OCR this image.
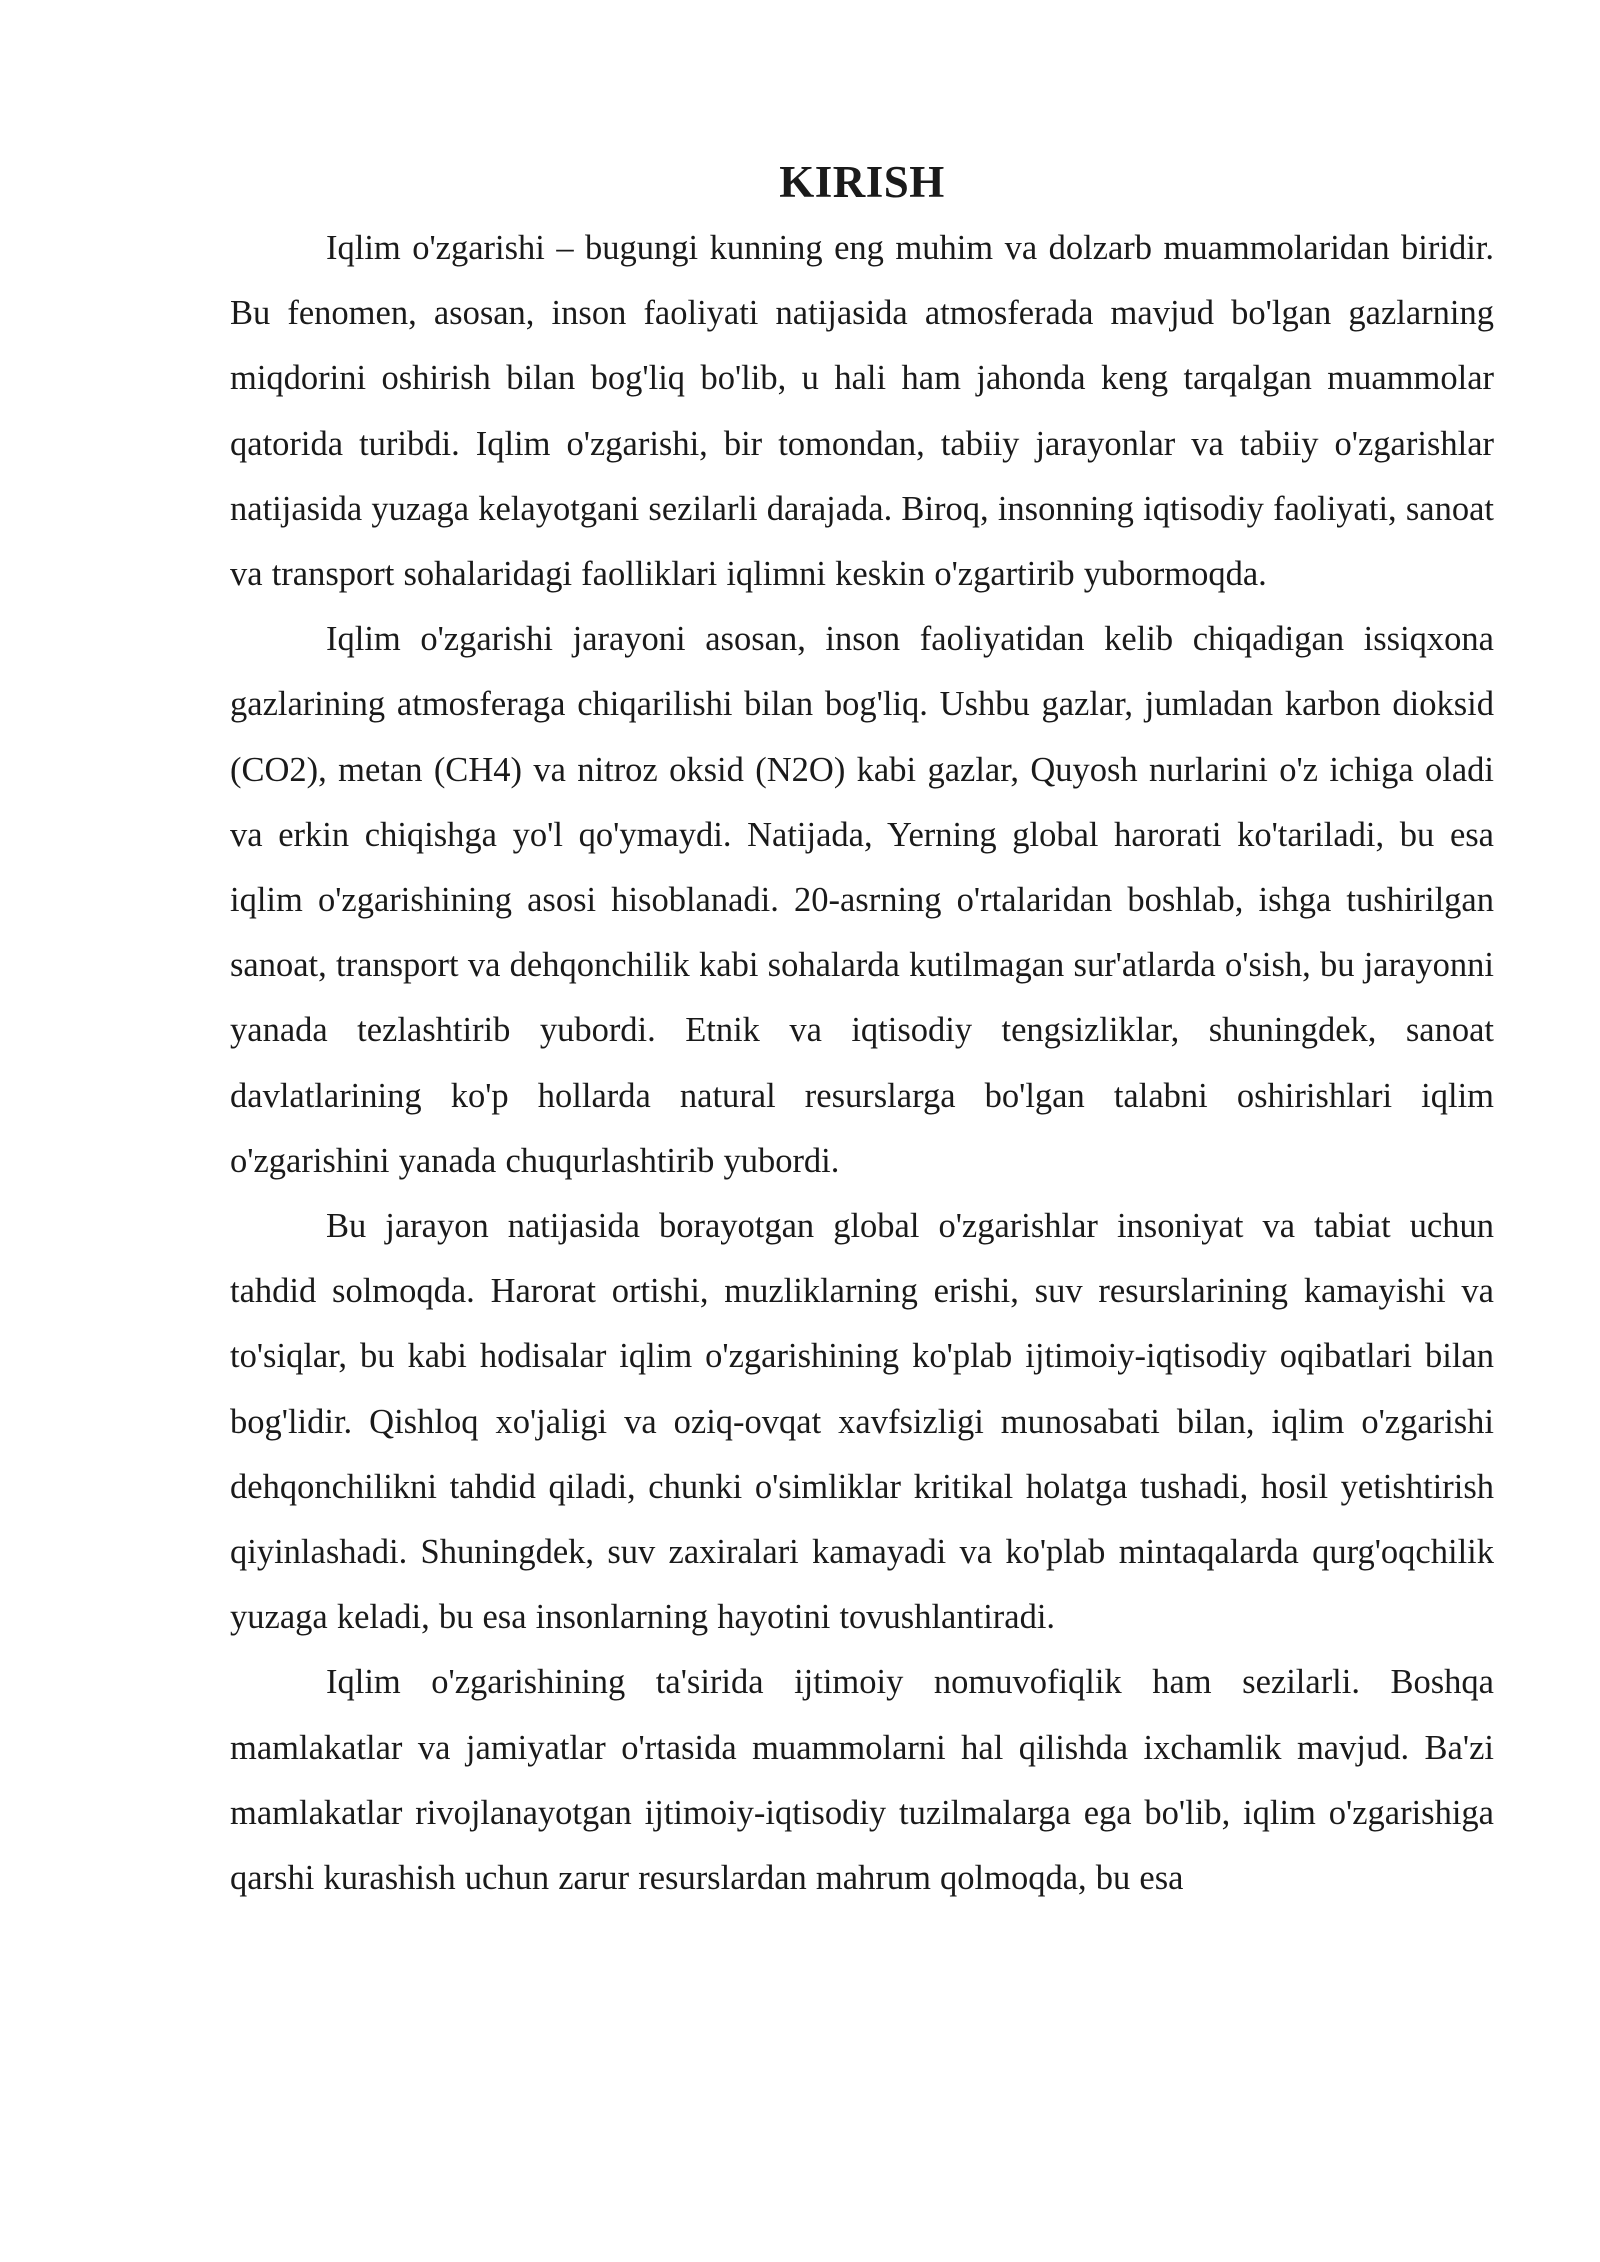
KIRISH

Iqlim o'zgarishi – bugungi kunning eng muhim va dolzarb muammolaridan biridir. Bu fenomen, asosan, inson faoliyati natijasida atmosferada mavjud bo'lgan gazlarning miqdorini oshirish bilan bog'liq bo'lib, u hali ham jahonda keng tarqalgan muammolar qatorida turibdi. Iqlim o'zgarishi, bir tomondan, tabiiy jarayonlar va tabiiy o'zgarishlar natijasida yuzaga kelayotgani sezilarli darajada. Biroq, insonning iqtisodiy faoliyati, sanoat va transport sohalaridagi faolliklari iqlimni keskin o'zgartirib yubormoqda.

Iqlim o'zgarishi jarayoni asosan, inson faoliyatidan kelib chiqadigan issiqxona gazlarining atmosferaga chiqarilishi bilan bog'liq. Ushbu gazlar, jumladan karbon dioksid (CO2), metan (CH4) va nitroz oksid (N2O) kabi gazlar, Quyosh nurlarini o'z ichiga oladi va erkin chiqishga yo'l qo'ymaydi. Natijada, Yerning global harorati ko'tariladi, bu esa iqlim o'zgarishining asosi hisoblanadi. 20-asrning o'rtalaridan boshlab, ishga tushirilgan sanoat, transport va dehqonchilik kabi sohalarda kutilmagan sur'atlarda o'sish, bu jarayonni yanada tezlashtirib yubordi. Etnik va iqtisodiy tengsizliklar, shuningdek, sanoat davlatlarining ko'p hollarda natural resurslarga bo'lgan talabni oshirishlari iqlim o'zgarishini yanada chuqurlashtirib yubordi.

Bu jarayon natijasida borayotgan global o'zgarishlar insoniyat va tabiat uchun tahdid solmoqda. Harorat ortishi, muzliklarning erishi, suv resurslarining kamayishi va to'siqlar, bu kabi hodisalar iqlim o'zgarishining ko'plab ijtimoiy-iqtisodiy oqibatlari bilan bog'lidir. Qishloq xo'jaligi va oziq-ovqat xavfsizligi munosabati bilan, iqlim o'zgarishi dehqonchilikni tahdid qiladi, chunki o'simliklar kritikal holatga tushadi, hosil yetishtirish qiyinlashadi. Shuningdek, suv zaxiralari kamayadi va ko'plab mintaqalarda qurg'oqchilik yuzaga keladi, bu esa insonlarning hayotini tovushlantiradi.

Iqlim o'zgarishining ta'sirida ijtimoiy nomuvofiqlik ham sezilarli. Boshqa mamlakatlar va jamiyatlar o'rtasida muammolarni hal qilishda ixchamlik mavjud. Ba'zi mamlakatlar rivojlanayotgan ijtimoiy-iqtisodiy tuzilmalarga ega bo'lib, iqlim o'zgarishiga qarshi kurashish uchun zarur resurslardan mahrum qolmoqda, bu esa
